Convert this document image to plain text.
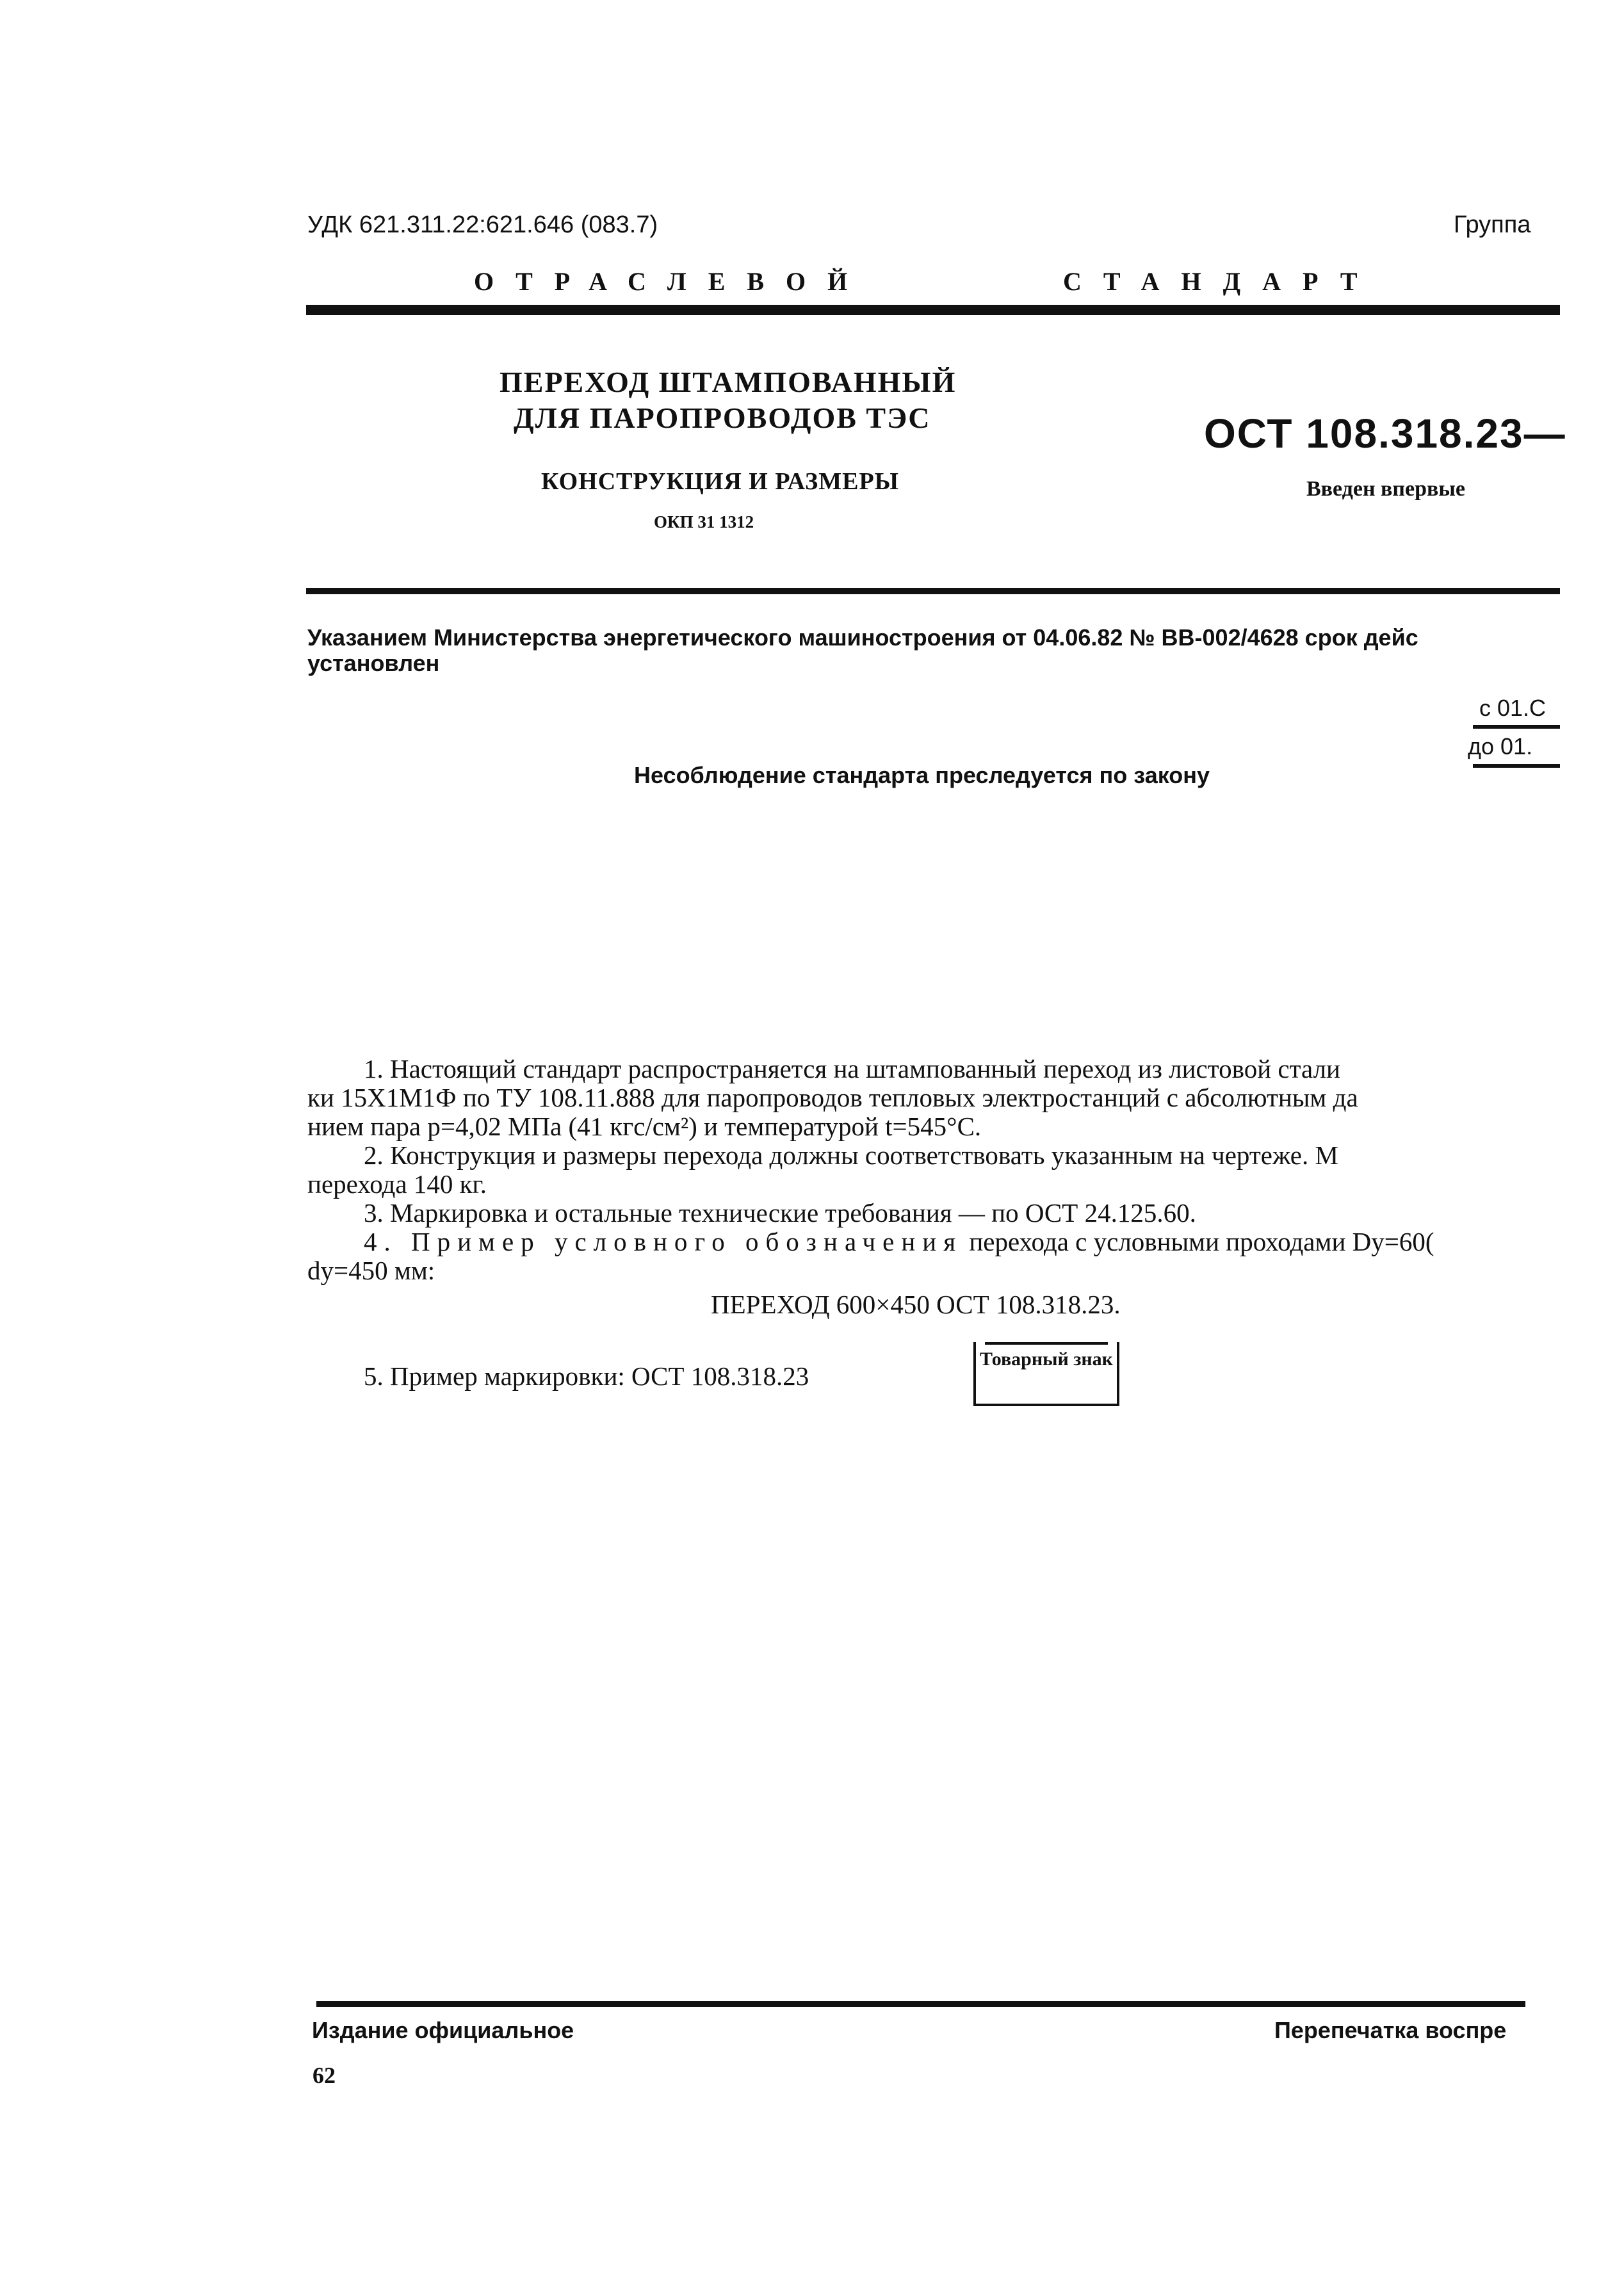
УДК 621.311.22:621.646 (083.7)	Группа
ОТРАСЛЕВОЙ	СТАНДАРТ
ПЕРЕХОД ШТАМПОВАННЫЙ
ДЛЯ ПАРОПРОВОДОВ ТЭС
КОНСТРУКЦИЯ И РАЗМЕРЫ
ОКП 31 1312
ОСТ 108.318.23—
Введен впервые
Указанием Министерства энергетического машиностроения от 04.06.82 № ВВ-002/4628 срок дейс
установлен
с 01.С
до 01.
Несоблюдение стандарта преследуется по закону
1. Настоящий стандарт распространяется на штампованный переход из листовой стали
ки 15Х1М1Ф по ТУ 108.11.888 для паропроводов тепловых электростанций с абсолютным да
нием пара p=4,02 МПа (41 кгс/см²) и температурой t=545°С.
2. Конструкция и размеры перехода должны соответствовать указанным на чертеже. М
перехода 140 кг.
3. Маркировка и остальные технические требования — по ОСТ 24.125.60.
4. Пример условного обозначения перехода с условными проходами Dу=60(
dу=450 мм:
ПЕРЕХОД 600×450 ОСТ 108.318.23.
5. Пример маркировки: ОСТ 108.318.23
Товарный знак
Издание официальное	Перепечатка воспре
62
